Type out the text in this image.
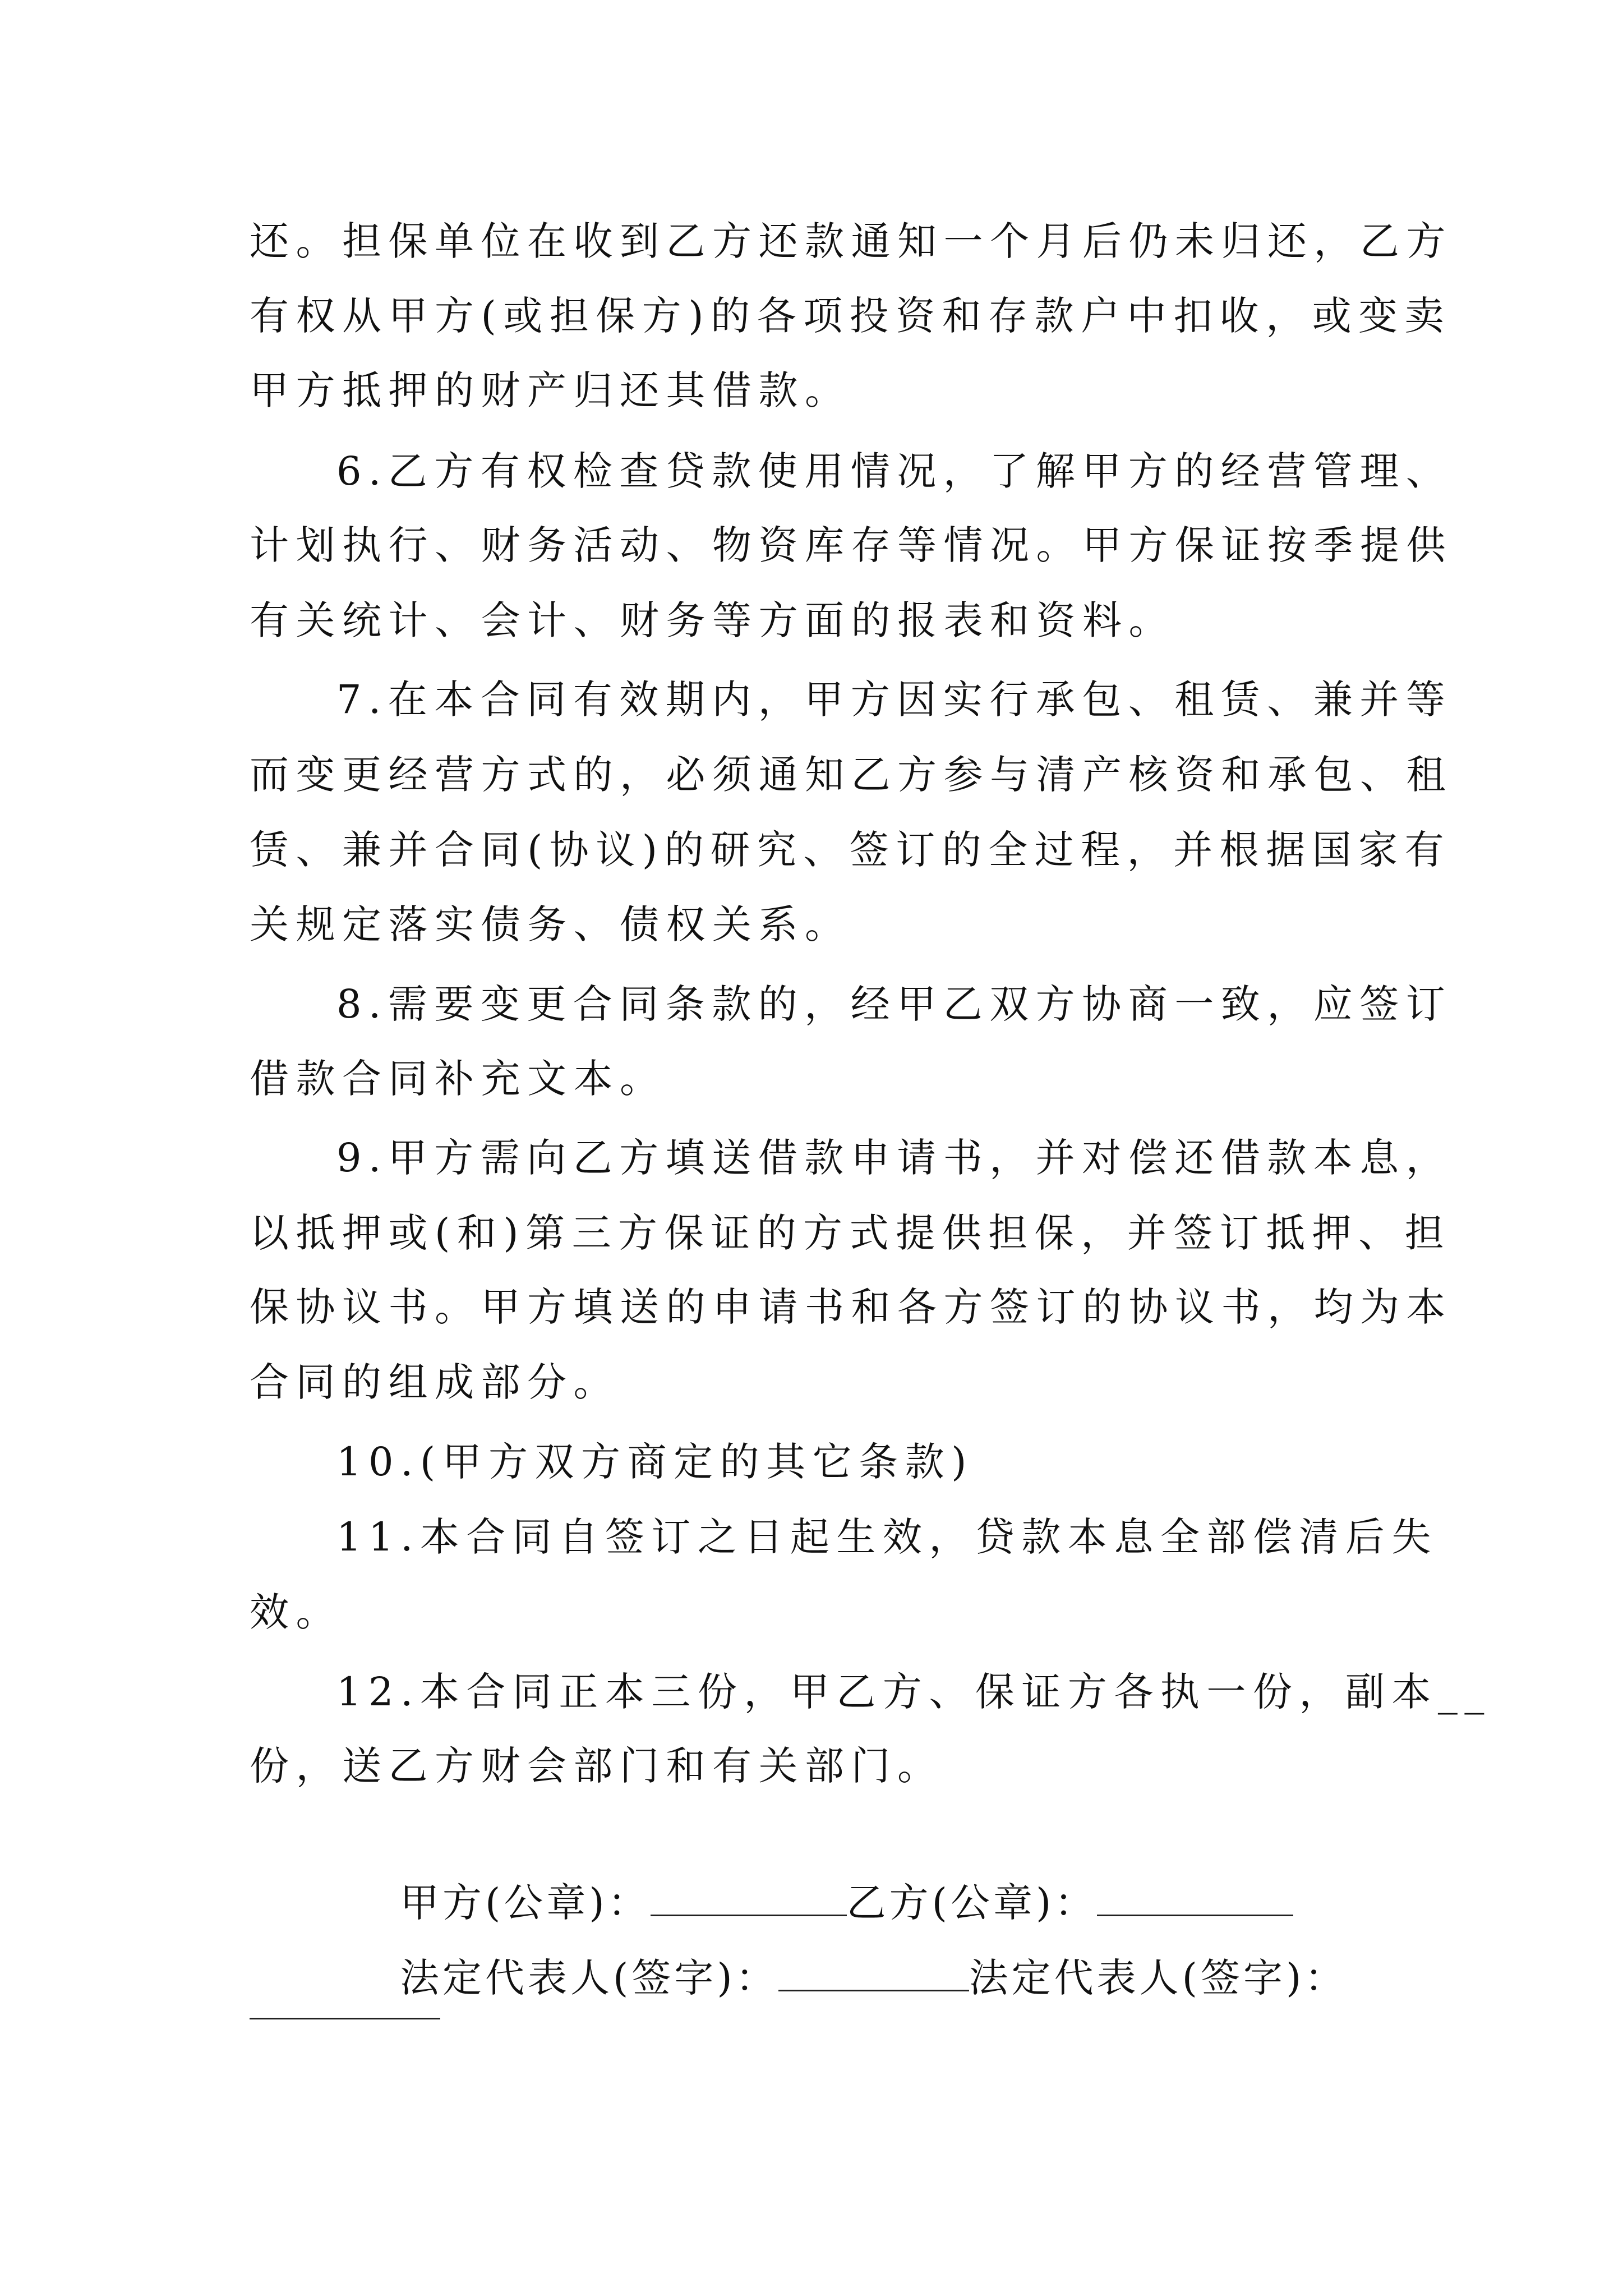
还。担保单位在收到乙方还款通知一个月后仍未归还，乙方
有权从甲方(或担保方)的各项投资和存款户中扣收，或变卖
甲方抵押的财产归还其借款。
6.乙方有权检查贷款使用情况，了解甲方的经营管理、
计划执行、财务活动、物资库存等情况。甲方保证按季提供
有关统计、会计、财务等方面的报表和资料。
7.在本合同有效期内，甲方因实行承包、租赁、兼并等
而变更经营方式的，必须通知乙方参与清产核资和承包、租
赁、兼并合同(协议)的研究、签订的全过程，并根据国家有
关规定落实债务、债权关系。
8.需要变更合同条款的，经甲乙双方协商一致，应签订
借款合同补充文本。
9.甲方需向乙方填送借款申请书，并对偿还借款本息，
以抵押或(和)第三方保证的方式提供担保，并签订抵押、担
保协议书。甲方填送的申请书和各方签订的协议书，均为本
合同的组成部分。
10.(甲方双方商定的其它条款)
11.本合同自签订之日起生效，贷款本息全部偿清后失
效。
12.本合同正本三份，甲乙方、保证方各执一份，副本__
份，送乙方财会部门和有关部门。

甲方(公章)：	乙方(公章)：

法定代表人(签字)：	法定代表人(签字)：
